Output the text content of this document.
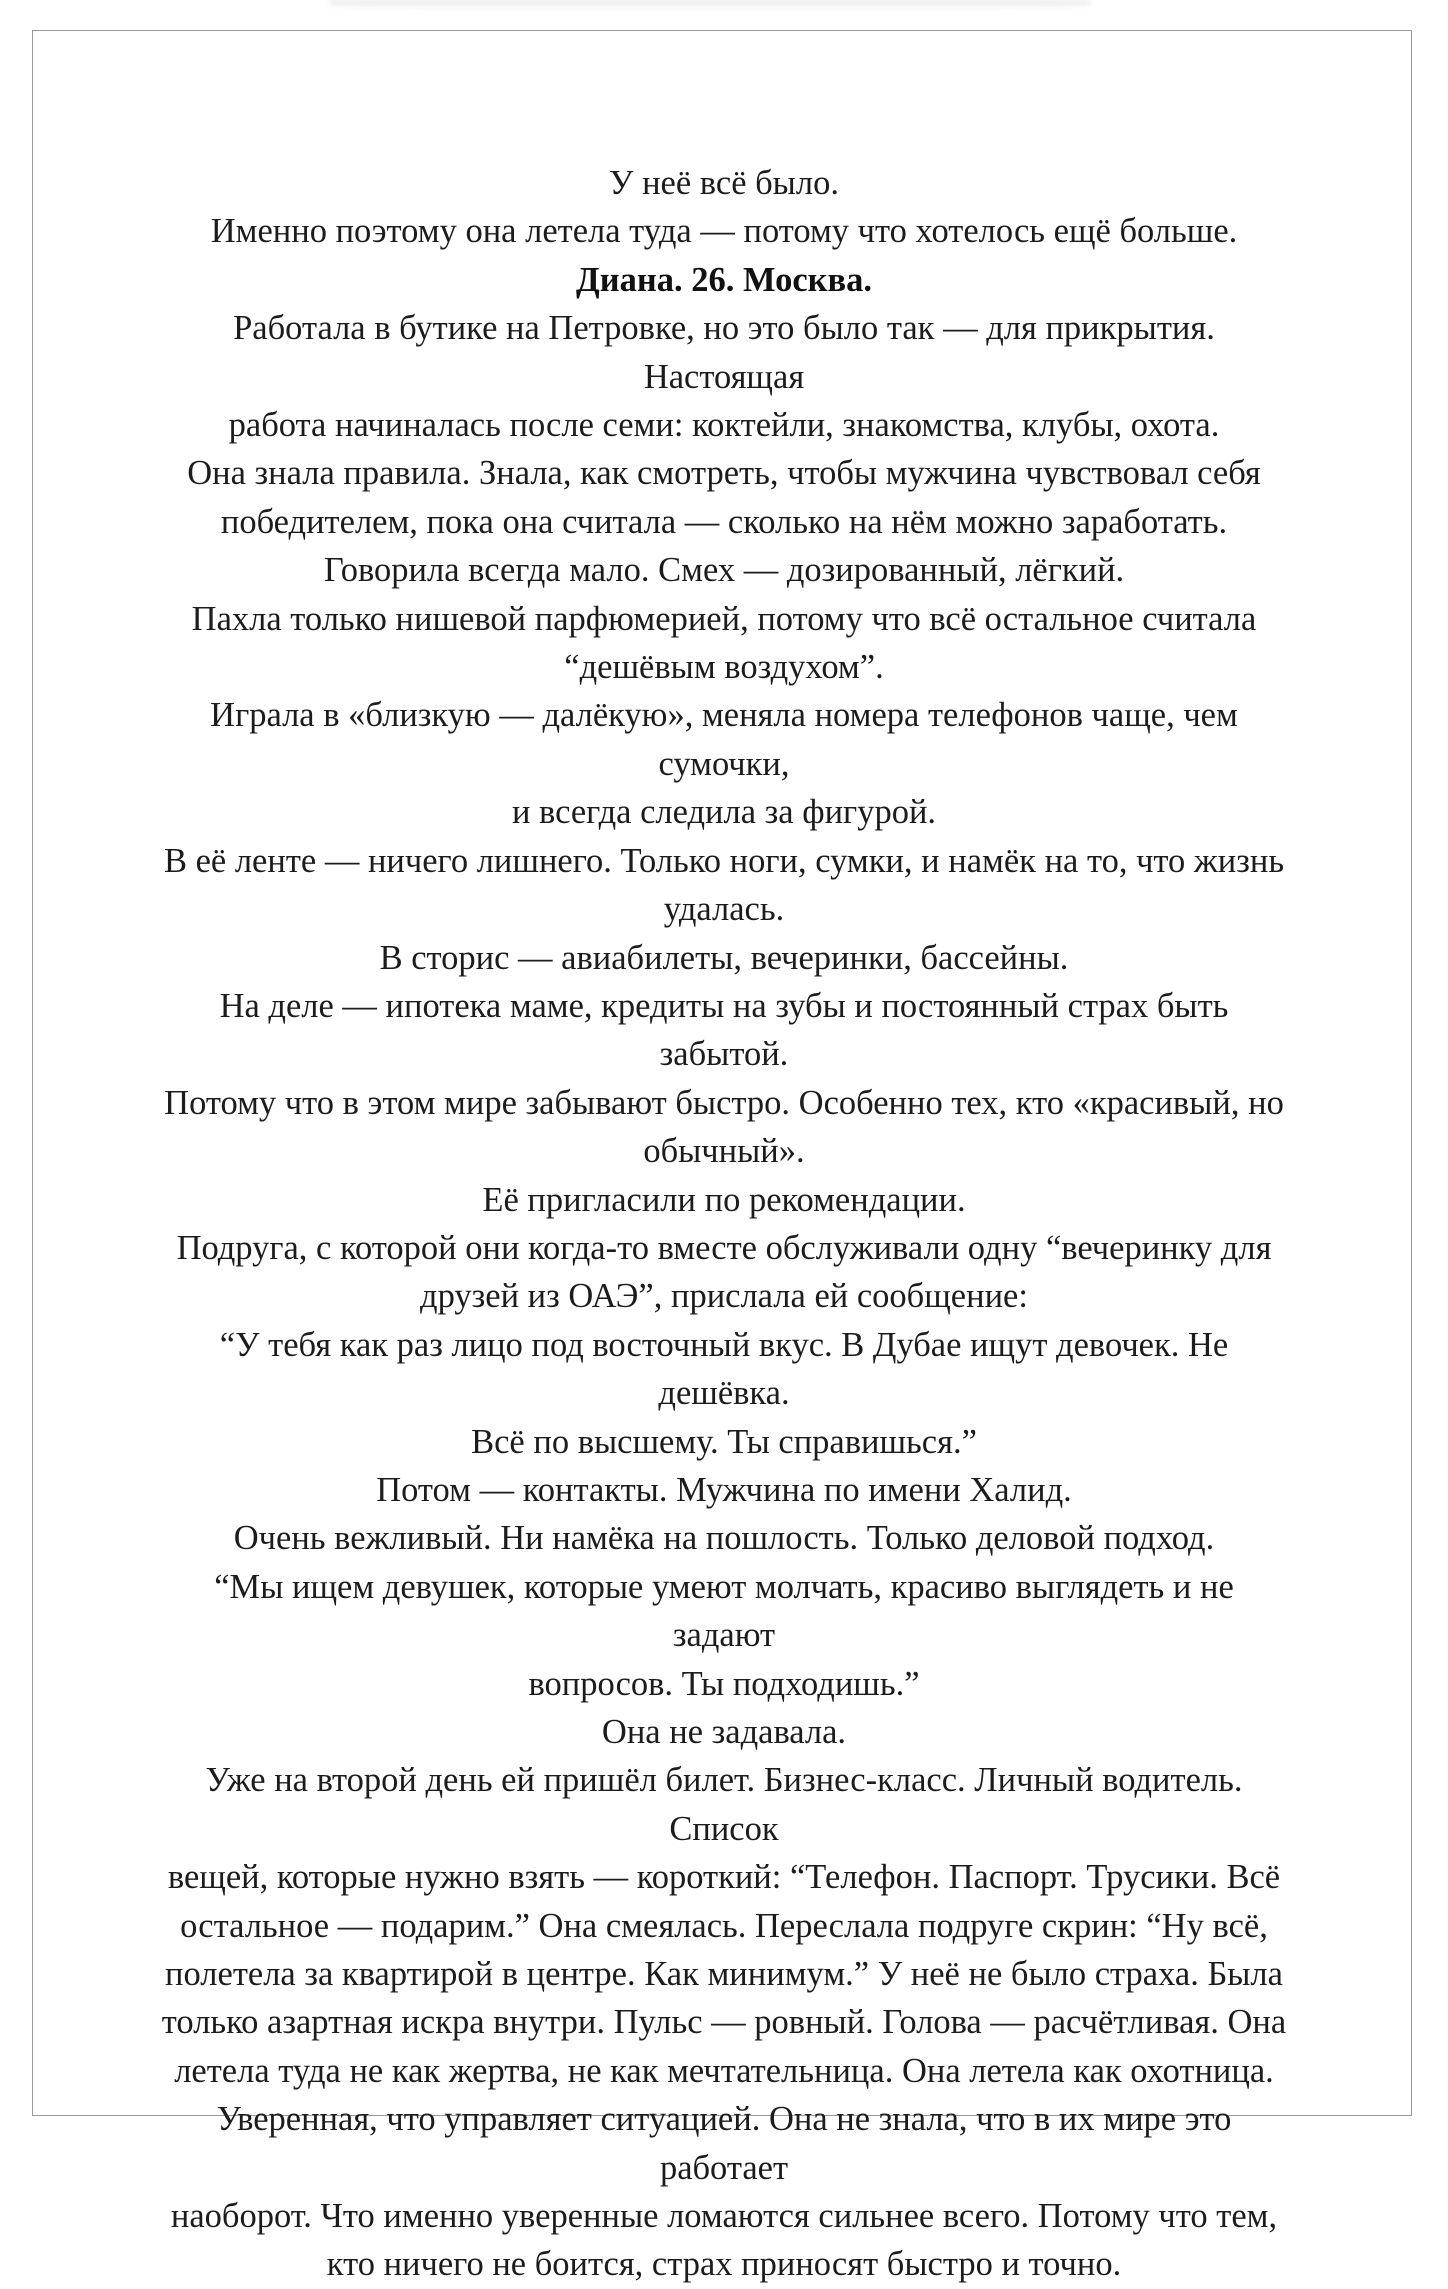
У неё всё было.
Именно поэтому она летела туда — потому что хотелось ещё больше.
Диана. 26. Москва.
Работала в бутике на Петровке, но это было так — для прикрытия. Настоящая
работа начиналась после семи: коктейли, знакомства, клубы, охота.
Она знала правила. Знала, как смотреть, чтобы мужчина чувствовал себя
победителем, пока она считала — сколько на нём можно заработать.
Говорила всегда мало. Смех — дозированный, лёгкий.
Пахла только нишевой парфюмерией, потому что всё остальное считала
“дешёвым воздухом”.
Играла в «близкую — далёкую», меняла номера телефонов чаще, чем сумочки,
и всегда следила за фигурой.
В её ленте — ничего лишнего. Только ноги, сумки, и намёк на то, что жизнь
удалась.
В сторис — авиабилеты, вечеринки, бассейны.
На деле — ипотека маме, кредиты на зубы и постоянный страх быть забытой.
Потому что в этом мире забывают быстро. Особенно тех, кто «красивый, но
обычный».
Её пригласили по рекомендации.
Подруга, с которой они когда-то вместе обслуживали одну “вечеринку для
друзей из ОАЭ”, прислала ей сообщение:
“У тебя как раз лицо под восточный вкус. В Дубае ищут девочек. Не дешёвка.
Всё по высшему. Ты справишься.”
Потом — контакты. Мужчина по имени Халид.
Очень вежливый. Ни намёка на пошлость. Только деловой подход.
“Мы ищем девушек, которые умеют молчать, красиво выглядеть и не задают
вопросов. Ты подходишь.”
Она не задавала.
Уже на второй день ей пришёл билет. Бизнес-класс. Личный водитель. Список
вещей, которые нужно взять — короткий: “Телефон. Паспорт. Трусики. Всё
остальное — подарим.” Она смеялась. Переслала подруге скрин: “Ну всё,
полетела за квартирой в центре. Как минимум.” У неё не было страха. Была
только азартная искра внутри. Пульс — ровный. Голова — расчётливая. Она
летела туда не как жертва, не как мечтательница. Она летела как охотница.
Уверенная, что управляет ситуацией. Она не знала, что в их мире это работает
наоборот. Что именно уверенные ломаются сильнее всего. Потому что тем,
кто ничего не боится, страх приносят быстро и точно.
